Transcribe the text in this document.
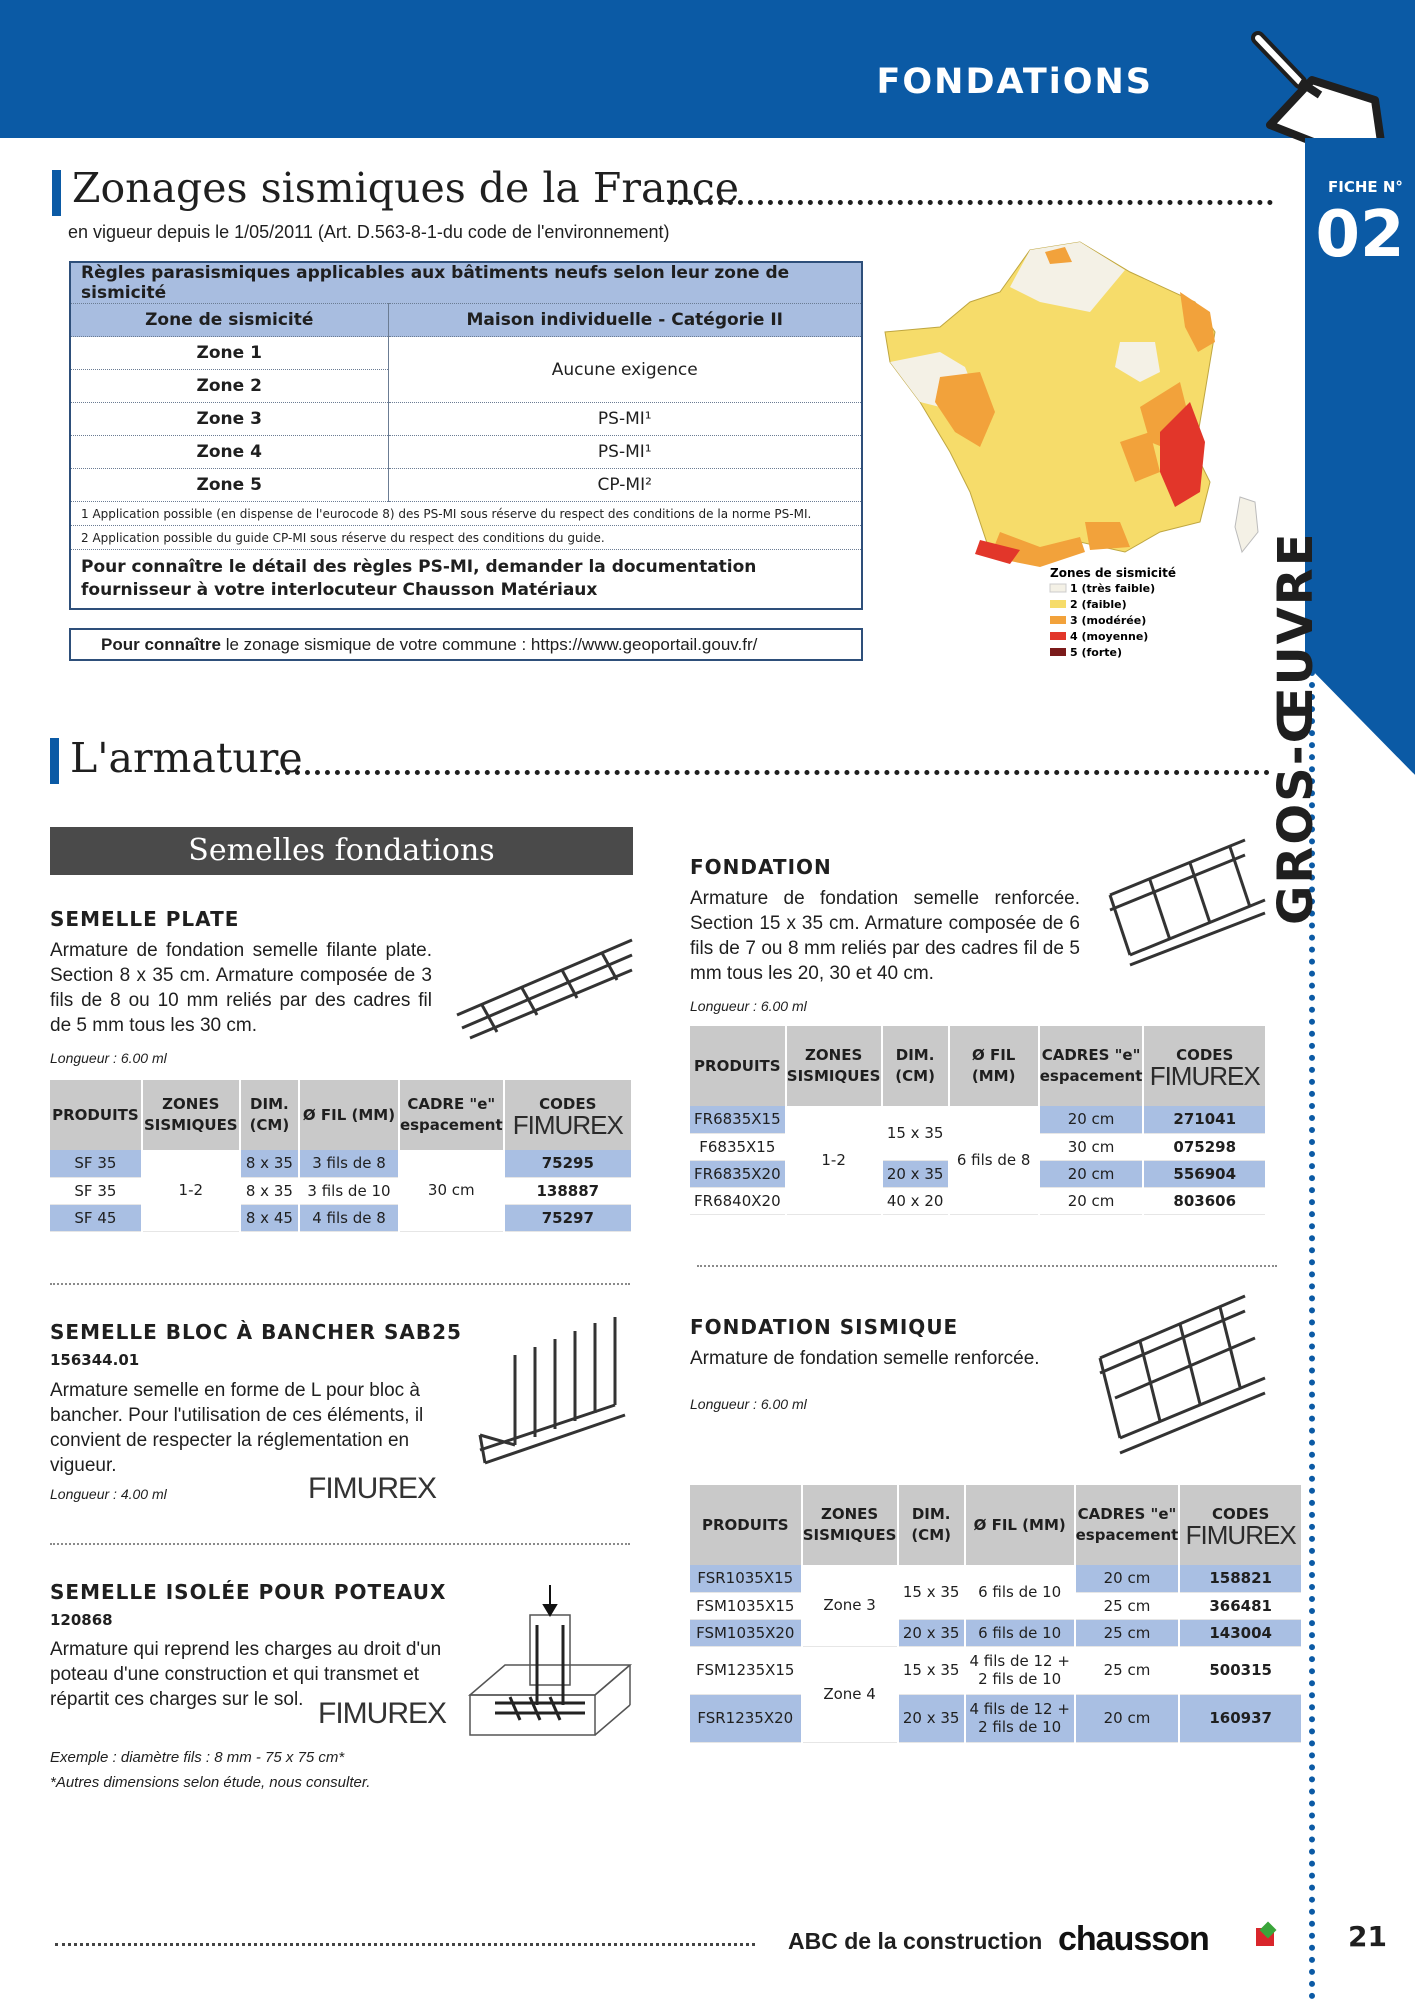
FONDATiONS
FICHE N°
02
GROS-ŒUVRE
Zonages sismiques de la France
en vigueur depuis le 1/05/2011 (Art. D.563-8-1-du code de l'environnement)
Règles parasismiques applicables aux bâtiments neufs selon leur zone de sismicité	
Zone de sismicité	Maison individuelle - Catégorie II
Zone 1	Aucune exigence
Zone 2	
Zone 3	PS-MI¹
Zone 4	PS-MI¹
Zone 5	CP-MI²
1 Application possible (en dispense de l'eurocode 8) des PS-MI sous réserve du respect des conditions de la norme PS-MI.	
2 Application possible du guide CP-MI sous réserve du respect des conditions du guide.	
Pour connaître le détail des règles PS-MI, demander la documentation fournisseur à votre interlocuteur Chausson Matériaux	
Pour connaître le zonage sismique de votre commune : https://www.geoportail.gouv.fr/
Zones de sismicité
1 (très faible)
2 (faible)
3 (modérée)
4 (moyenne)
5 (forte)
L'armature
Semelles fondations
SEMELLE PLATE
Armature de fondation semelle filante plate. Section 8 x 35 cm. Armature composée de 3 fils de 8 ou 10 mm reliés par des cadres fil de 5 mm tous les 30 cm.
Longueur : 6.00 ml
PRODUITS	ZONES SISMIQUES	DIM. (CM)	Ø FIL (MM)	CADRE "e" espacement	CODES
FIMUREX

SF 35	1-2	8 x 35	3 fils de 8	30 cm	75295
SF 35		8 x 35	3 fils de 10		138887
SF 45		8 x 45	4 fils de 8		75297
FONDATION
Armature de fondation semelle renforcée. Section 15 x 35 cm. Armature composée de 6 fils de 7 ou 8 mm reliés par des cadres fil de 5 mm tous les 20, 30 et 40 cm.
Longueur : 6.00 ml
PRODUITS	ZONES SISMIQUES	DIM. (CM)	Ø FIL (MM)	CADRES "e" espacement	CODES
FIMUREX

FR6835X15	1-2	15 x 35	6 fils de 8	20 cm	271041
F6835X15				30 cm	075298
FR6835X20		20 x 35		20 cm	556904
FR6840X20		40 x 20		20 cm	803606
SEMELLE BLOC À BANCHER SAB25
156344.01
Armature semelle en forme de L pour bloc à bancher. Pour l'utilisation de ces éléments, il convient de respecter la réglementation en vigueur.
Longueur : 4.00 ml	FIMUREX
FONDATION SISMIQUE
Armature de fondation semelle renforcée.
Longueur : 6.00 ml
PRODUITS	ZONES SISMIQUES	DIM. (CM)	Ø FIL (MM)	CADRES "e" espacement	CODES
FIMUREX

FSR1035X15	Zone 3	15 x 35	6 fils de 10	20 cm	158821
FSM1035X15				25 cm	366481
FSM1035X20		20 x 35	6 fils de 10	25 cm	143004
FSM1235X15	Zone 4	15 x 35	4 fils de 12 + 2 fils de 10	25 cm	500315
FSR1235X20		20 x 35	4 fils de 12 + 2 fils de 10	20 cm	160937
SEMELLE ISOLÉE POUR POTEAUX
120868
Armature qui reprend les charges au droit d'un poteau d'une construction et qui transmet et répartit ces charges sur le sol. FIMUREX
Exemple : diamètre fils : 8 mm - 75 x 75 cm*
*Autres dimensions selon étude, nous consulter.
ABC de la construction chausson	21
